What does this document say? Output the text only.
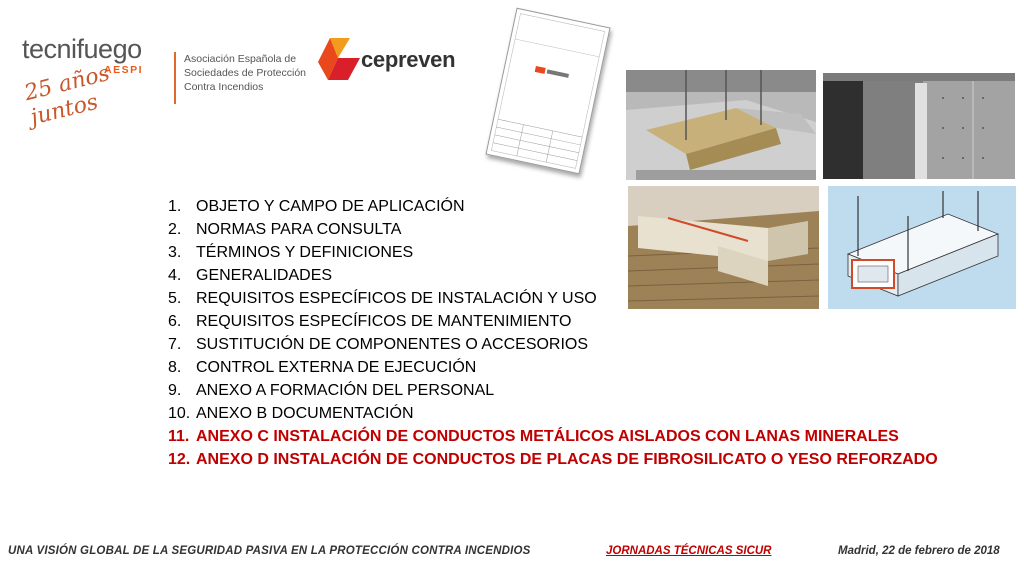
tecnifuego
AESPI
25 años juntos
Asociación Española de
Sociedades de Protección
Contra Incendios
cepreven
1. OBJETO Y CAMPO DE APLICACIÓN
2. NORMAS PARA CONSULTA
3. TÉRMINOS Y DEFINICIONES
4. GENERALIDADES
5. REQUISITOS ESPECÍFICOS DE INSTALACIÓN Y USO
6. REQUISITOS ESPECÍFICOS DE MANTENIMIENTO
7. SUSTITUCIÓN DE COMPONENTES O ACCESORIOS
8. CONTROL EXTERNA DE EJECUCIÓN
9. ANEXO A FORMACIÓN DEL PERSONAL
10. ANEXO B DOCUMENTACIÓN
11. ANEXO C INSTALACIÓN DE CONDUCTOS METÁLICOS AISLADOS CON LANAS MINERALES
12. ANEXO D INSTALACIÓN DE CONDUCTOS DE PLACAS DE FIBROSILICATO O YESO REFORZADO
UNA VISIÓN GLOBAL DE LA SEGURIDAD PASIVA EN LA PROTECCIÓN CONTRA INCENDIOS	JORNADAS TÉCNICAS SICUR	Madrid, 22 de febrero de 2018
